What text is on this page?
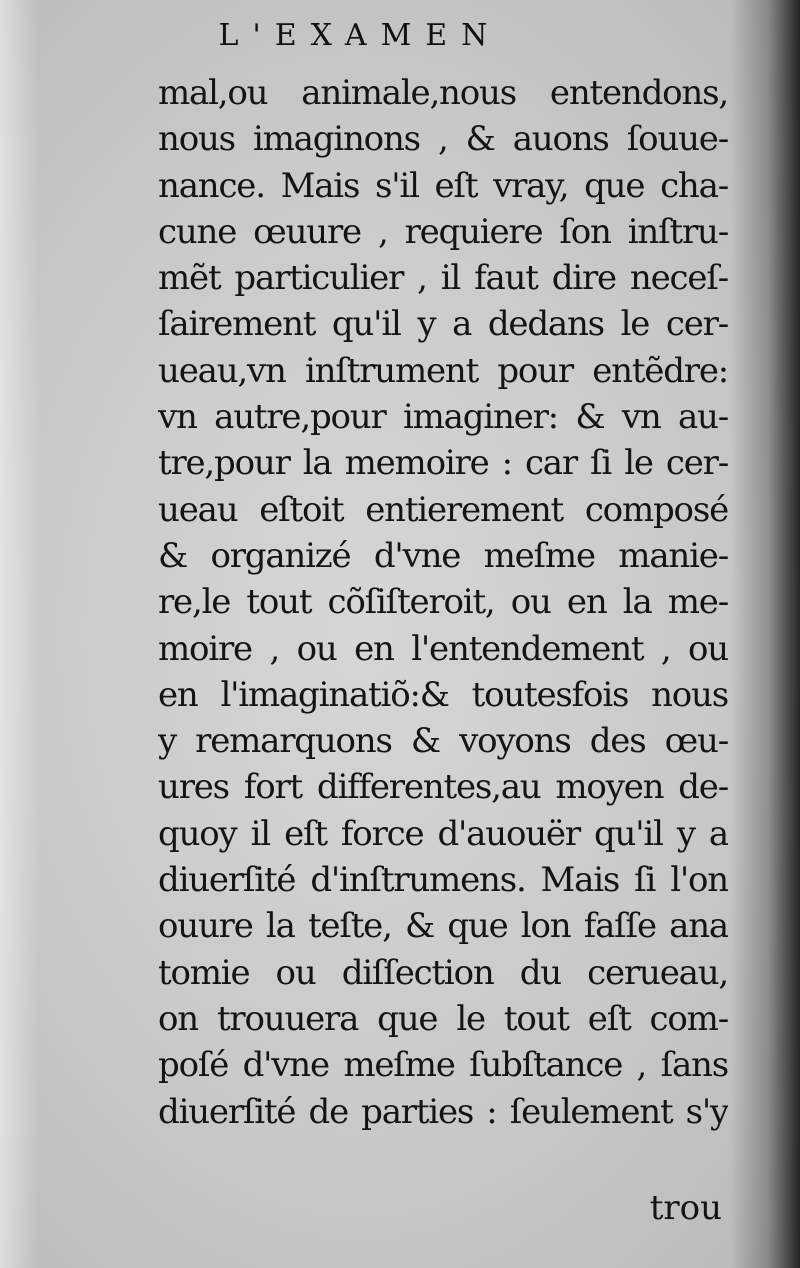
L'EXAMEN
mal,ou animale,nous entendons,
nous imaginons , & auons ſouue-
nance. Mais s'il eſt vray, que cha-
cune œuure , requiere ſon inſtru-
mẽt particulier , il faut dire neceſ-
ſairement qu'il y a dedans le cer-
ueau,vn inſtrument pour entẽdre:
vn autre,pour imaginer: & vn au-
tre,pour la memoire : car ſi le cer-
ueau eſtoit entierement composé
& organizé d'vne meſme manie-
re,le tout cõſiſteroit, ou en la me-
moire , ou en l'entendement , ou
en l'imaginatiõ:& toutesfois nous
y remarquons & voyons des œu-
ures fort differentes,au moyen de-
quoy il eſt force d'auouër qu'il y a
diuerſité d'inſtrumens. Mais ſi l'on
ouure la teſte, & que lon faſſe ana
tomie ou diſſection du cerueau,
on trouuera que le tout eſt com-
poſé d'vne meſme ſubſtance , ſans
diuerſité de parties : ſeulement s'y
trou
